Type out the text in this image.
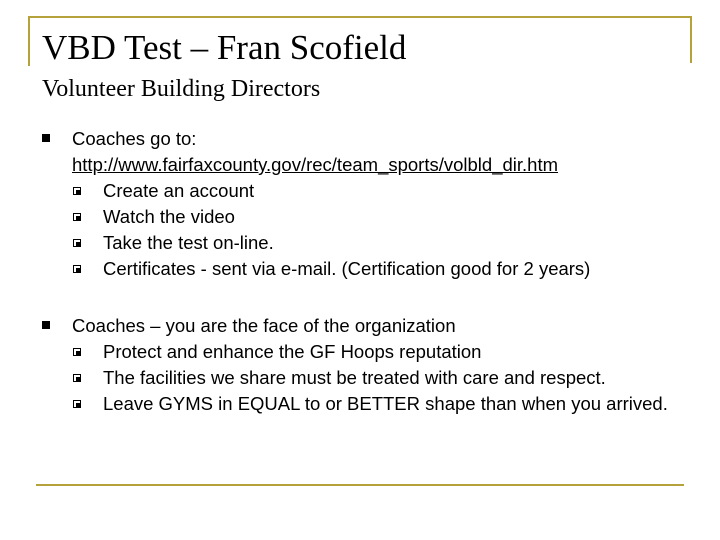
VBD Test – Fran Scofield
Volunteer Building Directors
Coaches go to:
http://www.fairfaxcounty.gov/rec/team_sports/volbld_dir.htm
Create an account
Watch the video
Take the test on-line.
Certificates - sent via e-mail. (Certification good for 2 years)
Coaches – you are the face of the organization
Protect and enhance the GF Hoops reputation
The facilities we share must be treated with care and respect.
Leave GYMS in EQUAL to or BETTER shape than when you arrived.
